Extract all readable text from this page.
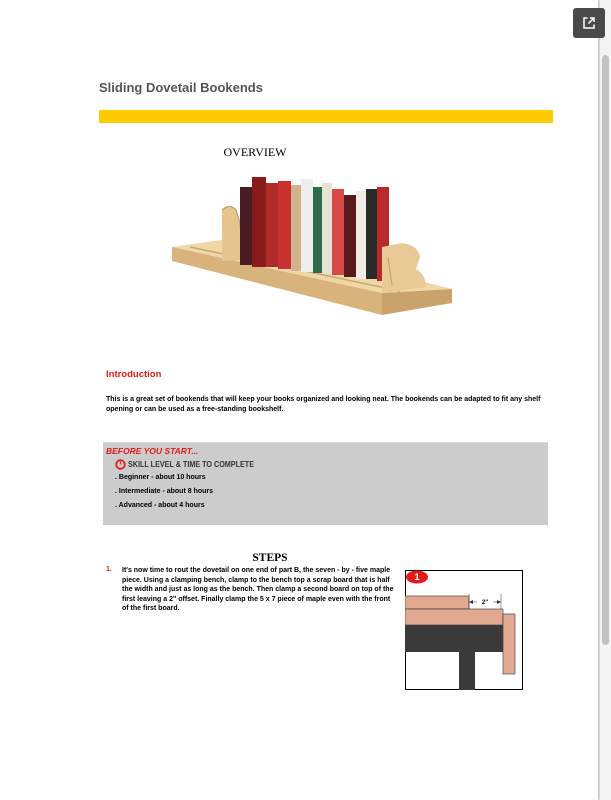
Sliding Dovetail Bookends
OVERVIEW
Introduction
This is a great set of bookends that will keep your books organized and looking neat. The bookends can be adapted to fit any shelf opening or can be used as a free-standing bookshelf.
BEFORE YOU START...
SKILL LEVEL & TIME TO COMPLETE
. Beginner - about 10 hours
. Intermediate - about 8 hours
. Advanced - about 4 hours
STEPS
1. It's now time to rout the dovetail on one end of part B, the seven - by - five maple piece. Using a clamping bench, clamp to the bench top a scrap board that is half the width and just as long as the bench. Then clamp a second board on top of the first leaving a 2" offset. Finally clamp the 5 x 7 piece of maple even with the front of the first board.
1
2"
